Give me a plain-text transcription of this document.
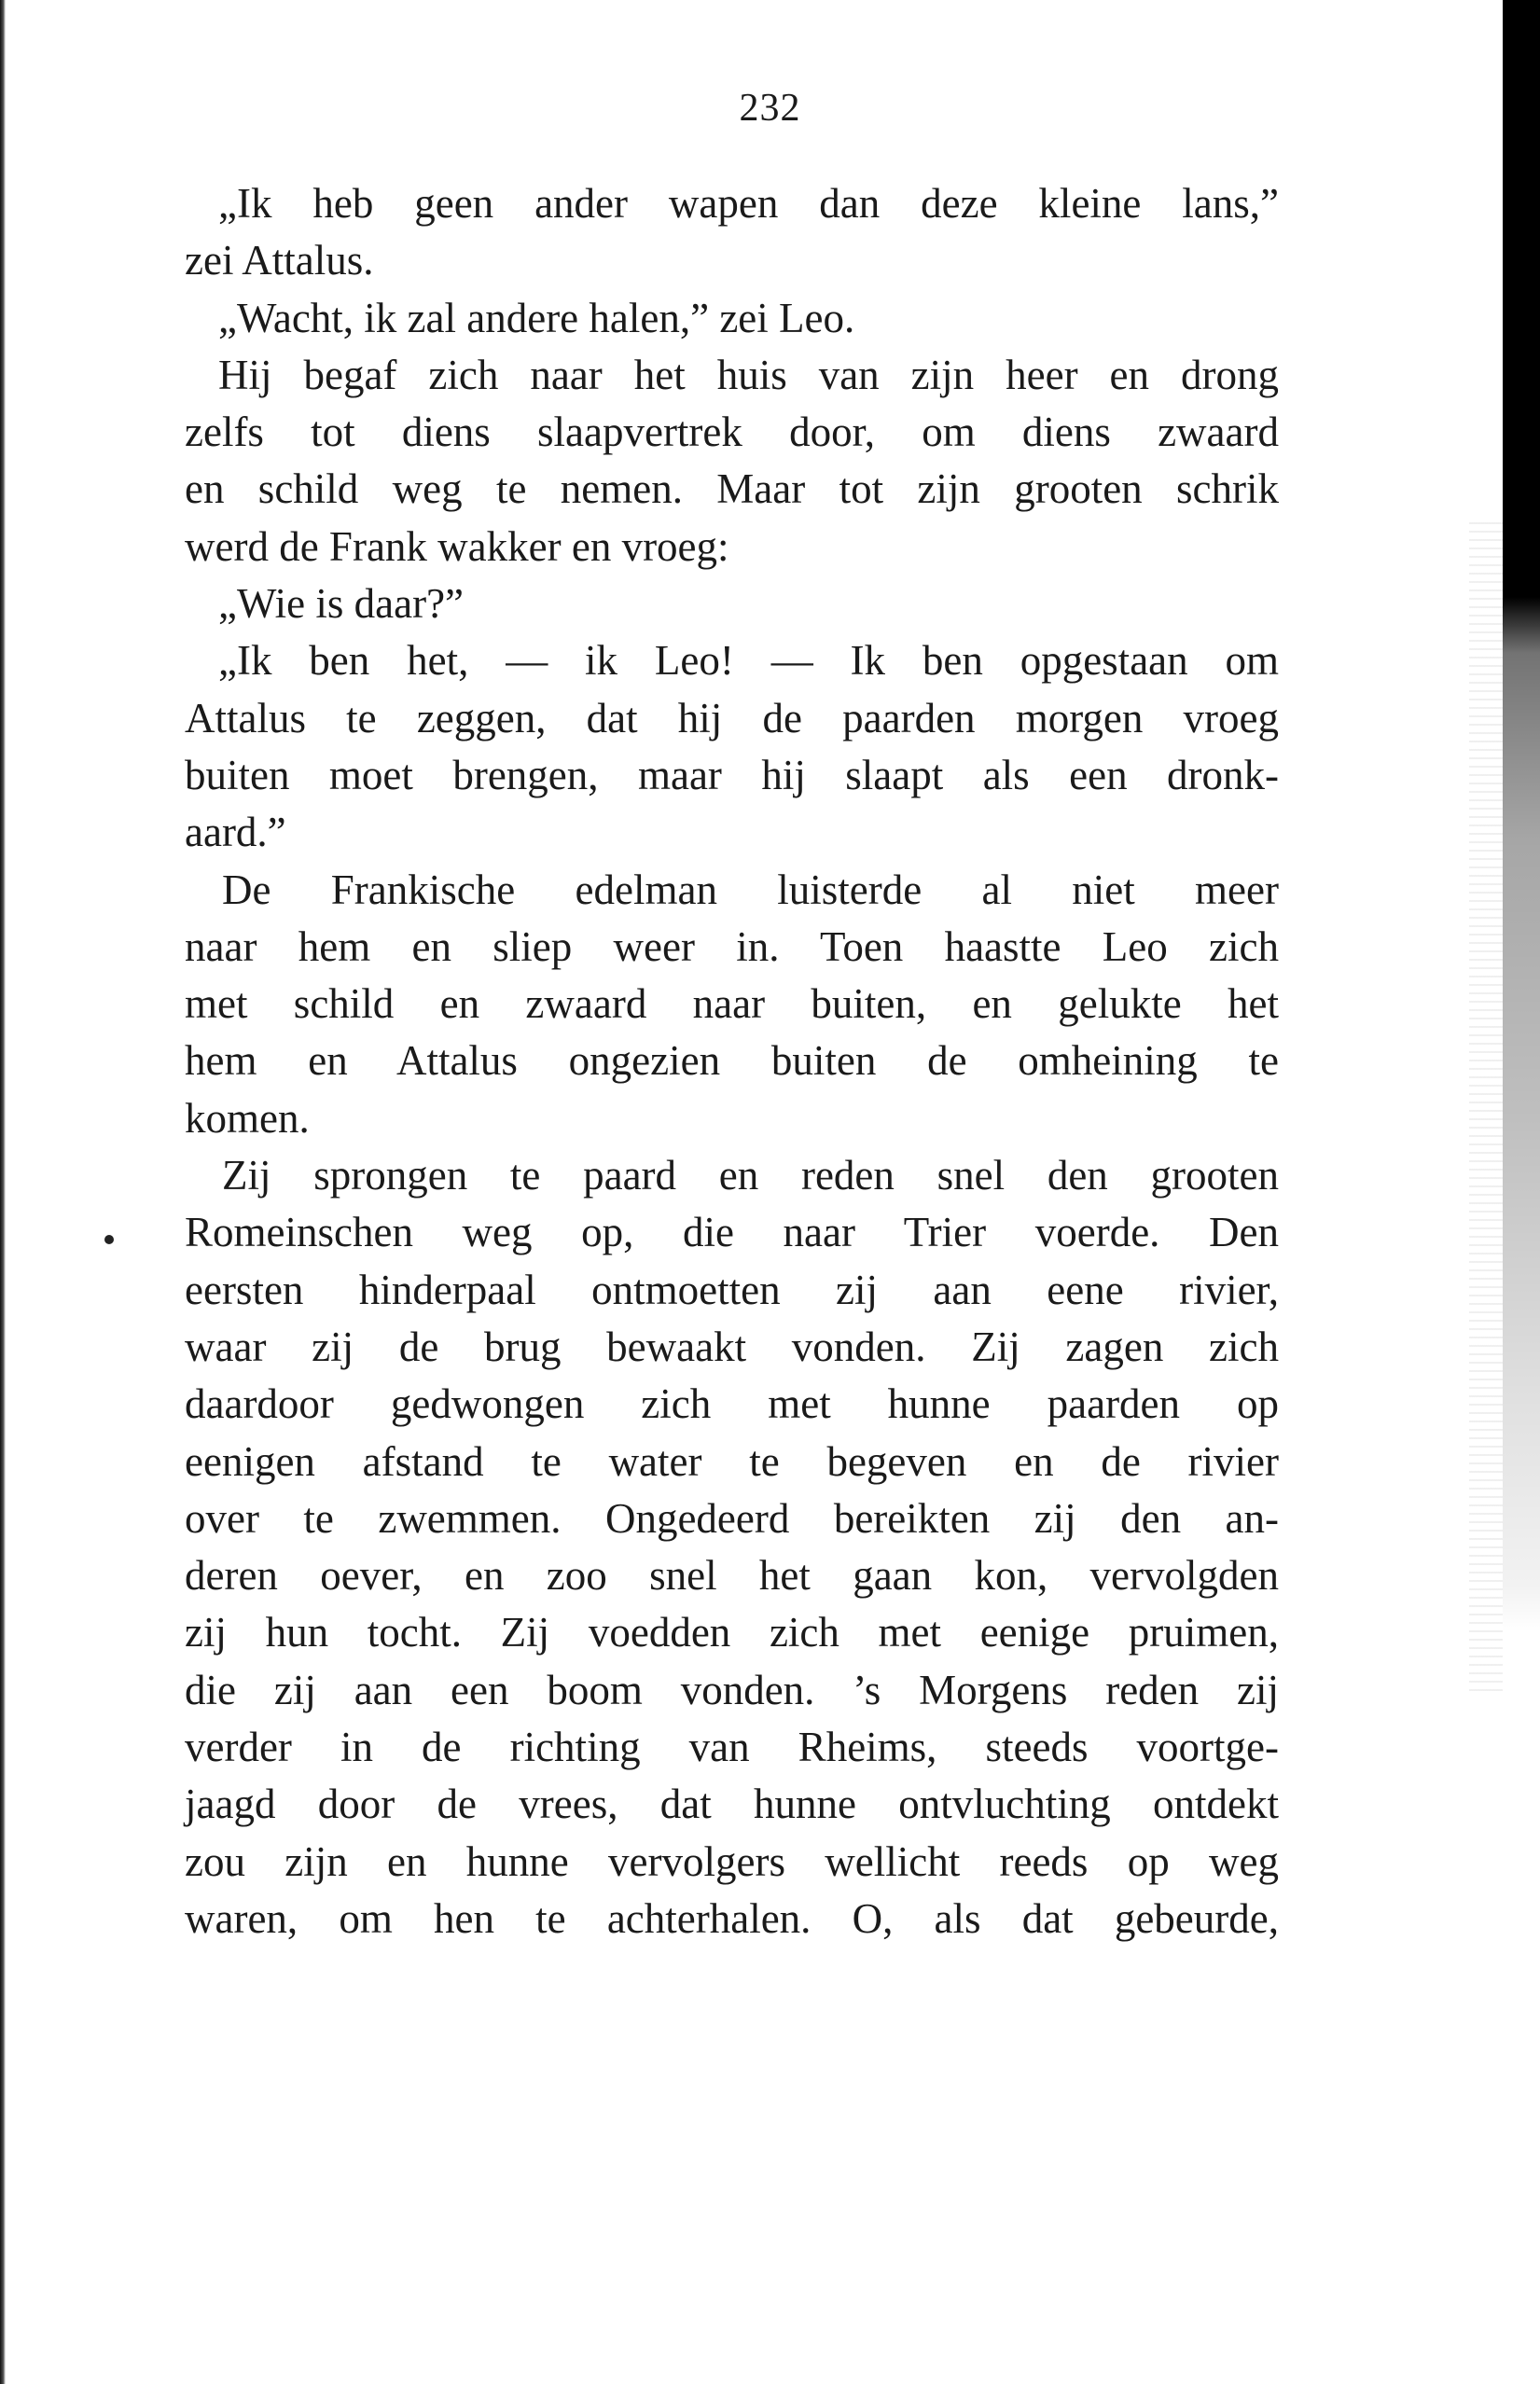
232
„Ik heb geen ander wapen dan deze kleine lans,”
zei Attalus.
„Wacht, ik zal andere halen,” zei Leo.
Hij begaf zich naar het huis van zijn heer en drong
zelfs tot diens slaapvertrek door, om diens zwaard
en schild weg te nemen. Maar tot zijn grooten schrik
werd de Frank wakker en vroeg:
„Wie is daar?”
„Ik ben het, — ik Leo! — Ik ben opgestaan om
Attalus te zeggen, dat hij de paarden morgen vroeg
buiten moet brengen, maar hij slaapt als een dronk-
aard.”
De Frankische edelman luisterde al niet meer
naar hem en sliep weer in. Toen haastte Leo zich
met schild en zwaard naar buiten, en gelukte het
hem en Attalus ongezien buiten de omheining te
komen.
Zij sprongen te paard en reden snel den grooten
Romeinschen weg op, die naar Trier voerde. Den
eersten hinderpaal ontmoetten zij aan eene rivier,
waar zij de brug bewaakt vonden. Zij zagen zich
daardoor gedwongen zich met hunne paarden op
eenigen afstand te water te begeven en de rivier
over te zwemmen. Ongedeerd bereikten zij den an-
deren oever, en zoo snel het gaan kon, vervolgden
zij hun tocht. Zij voedden zich met eenige pruimen,
die zij aan een boom vonden. ’s Morgens reden zij
verder in de richting van Rheims, steeds voortge-
jaagd door de vrees, dat hunne ontvluchting ontdekt
zou zijn en hunne vervolgers wellicht reeds op weg
waren, om hen te achterhalen. O, als dat gebeurde,
